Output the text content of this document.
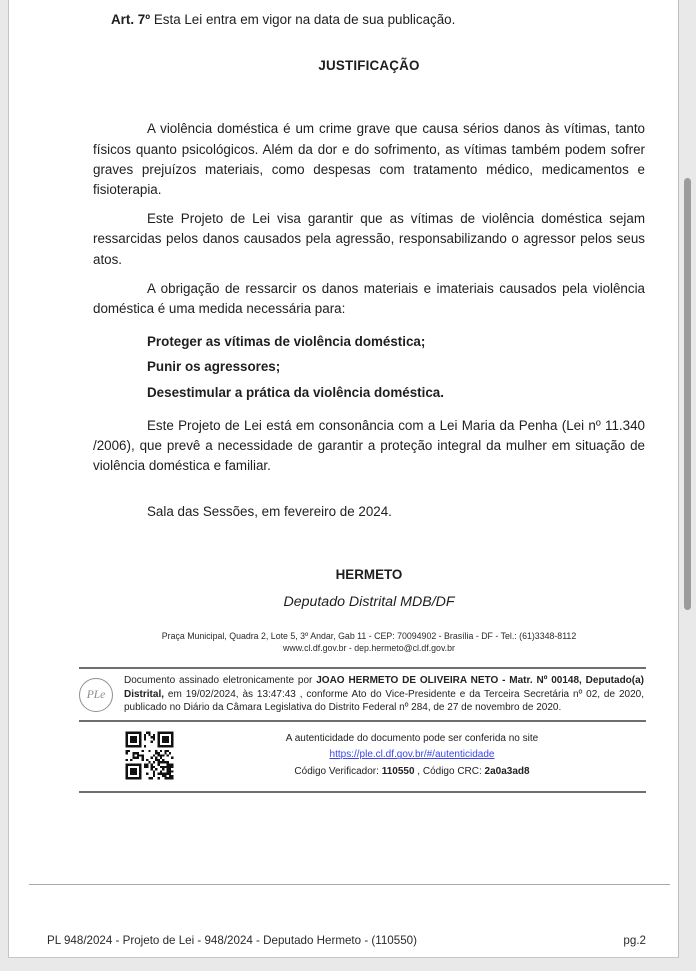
Art. 7º Esta Lei entra em vigor na data de sua publicação.

JUSTIFICAÇÃO

A violência doméstica é um crime grave que causa sérios danos às vítimas, tanto físicos quanto psicológicos. Além da dor e do sofrimento, as vítimas também podem sofrer graves prejuízos materiais, como despesas com tratamento médico, medicamentos e fisioterapia.

Este Projeto de Lei visa garantir que as vítimas de violência doméstica sejam ressarcidas pelos danos causados pela agressão, responsabilizando o agressor pelos seus atos.

A obrigação de ressarcir os danos materiais e imateriais causados pela violência doméstica é uma medida necessária para:

Proteger as vítimas de violência doméstica;

Punir os agressores;

Desestimular a prática da violência doméstica.

Este Projeto de Lei está em consonância com a Lei Maria da Penha (Lei nº 11.340 /2006), que prevê a necessidade de garantir a proteção integral da mulher em situação de violência doméstica e familiar.

Sala das Sessões, em fevereiro de 2024.

HERMETO
Deputado Distrital MDB/DF
Praça Municipal, Quadra 2, Lote 5, 3º Andar, Gab 11 - CEP: 70094902 - Brasília - DF - Tel.: (61)3348-8112
www.cl.df.gov.br - dep.hermeto@cl.df.gov.br
PLe

Documento assinado eletronicamente por JOAO HERMETO DE OLIVEIRA NETO - Matr. Nº 00148, Deputado(a) Distrital, em 19/02/2024, às 13:47:43 , conforme Ato do Vice-Presidente e da Terceira Secretária nº 02, de 2020, publicado no Diário da Câmara Legislativa do Distrito Federal nº 284, de 27 de novembro de 2020.

A autenticidade do documento pode ser conferida no site
https://ple.cl.df.gov.br/#/autenticidade
Código Verificador: 110550 , Código CRC: 2a0a3ad8
PL 948/2024 - Projeto de Lei - 948/2024 - Deputado Hermeto - (110550)	pg.2
